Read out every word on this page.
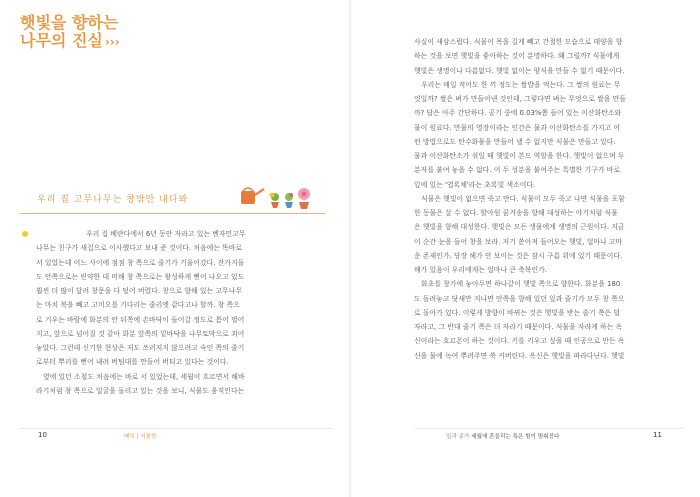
햇빛을 향하는
나무의 진실 ›››
우리 집 고무나무는 창밖만 내다봐
우리 집 베란다에서 6년 동안 자라고 있는 벤자민고무
나무는 친구가 새집으로 이사했다고 보내 준 것이다. 처음에는 똑바로
서 있었는데 어느 사이에 점점 창 쪽으로 줄기가 기울어갔다. 잔가지들
도 안쪽으로는 빈약한 데 비해 창 쪽으로는 왕성하게 뻗어 나오고 있도
훨씬 더 많이 달려 창문을 다 덮어 버렸다. 창으로 향해 있는 고무나무
는 마치 복을 빼고 고미오를 기다리는 줄리엣 같다고나 할까. 창 쪽으
로 기우는 바람에 화분의 안 뒤쪽에 손바닥이 들어갈 정도로 틈이 벌어
지고, 앞으로 넘어질 것 같아 화분 앞쪽의 밑바닥을 나무토막으로 괴어
놓았다. 그런데 신기한 현상은 저도 쓰러지지 않으려고 숙인 쪽의 줄기
로부터 뿌리를 뻗어 내려 버팀대를 만들어 버티고 있다는 것이다.
옆에 있던 소철도 처음에는 바로 서 있었는데, 세월이 흐르면서 해바
라기처럼 창 쪽으로 얼굴을 돌리고 있는 것을 보니, 식물도 움직인다는
10	배치 | 식물학
사실이 새삼스럽다. 식물이 목을 길게 빼고 간절한 모습으로 태양을 향
하는 것을 보면 햇빛을 좋아하는 것이 분명하다. 왜 그럴까? 식물에게
햇빛은 생명이나 다름없다. 햇빛 없이는 양식을 만들 수 없기 때문이다.
우리는 매일 적어도 한 끼 정도는 쌀밥을 먹는다. 그 쌀의 원료는 무
엇일까? 쌀은 벼가 만들어낸 것인데, 그렇다면 벼는 무엇으로 쌀을 만들
까? 답은 아주 간단하다. 공기 중에 0.03%쯤 들어 있는 이산화탄소와
물이 원료다. 만물의 영장이라는 인간은 물과 이산화탄소를 가지고 어
떤 방법으로도 탄수화물을 만들어 낼 수 없지만 식물은 만들고 있다.
물과 이산화탄소가 섞일 때 햇빛이 본드 역할을 한다. 햇빛이 없으며 두
분자를 붙여 놓을 수 없다. 이 두 성분을 붙여주는 특별한 기구가 바로
잎에 있는 '엽록체'라는 초록빛 색소이다.
식물은 햇빛이 없으면 죽고 만다. 식물이 모두 죽고 나면 식물을 포함
한 동물은 살 수 없다. 할아원 꿈거송을 향해 대성하는 야기처럼 식물
은 햇빛을 향해 대성한다. 햇빛은 모든 생물에게 생명의 근원이다. 지금
이 순간 눈을 들어 창을 보라. 저기 쏟아져 들어오는 햇빛, 얼마나 고마
운 존재인가. 당장 해가 안 보이는 것은 잠시 구름 위에 있기 때문이다.
해가 있음이 우리에게는 얼마나 큰 축복인가.
화초를 창가에 놓아두면 하나같이 햇빛 쪽으로 향한다. 화분을 180
도 돌려놓고 닷새만 지나면 안쪽을 향해 있던 잎과 줄기가 모두 창 쪽으
로 돌아가 있다. 이렇게 방향이 바뀌는 것은 햇빛을 받는 줄기 쪽은 덜
자라고, 그 반대 줄기 쪽은 더 자라기 때문이다. 식물을 자라게 하는 옥
신이라는 호르몬이 하는 것이다. 키를 키우고 싶을 때 인공으로 만든 옥
신을 물에 녹여 뿌려주면 쑥 커버린다. 옥신은 햇빛을 따라다닌다. 햇빛
일과 종가 세월에 흔들리는 특은 힘이 멈춰진다	11
